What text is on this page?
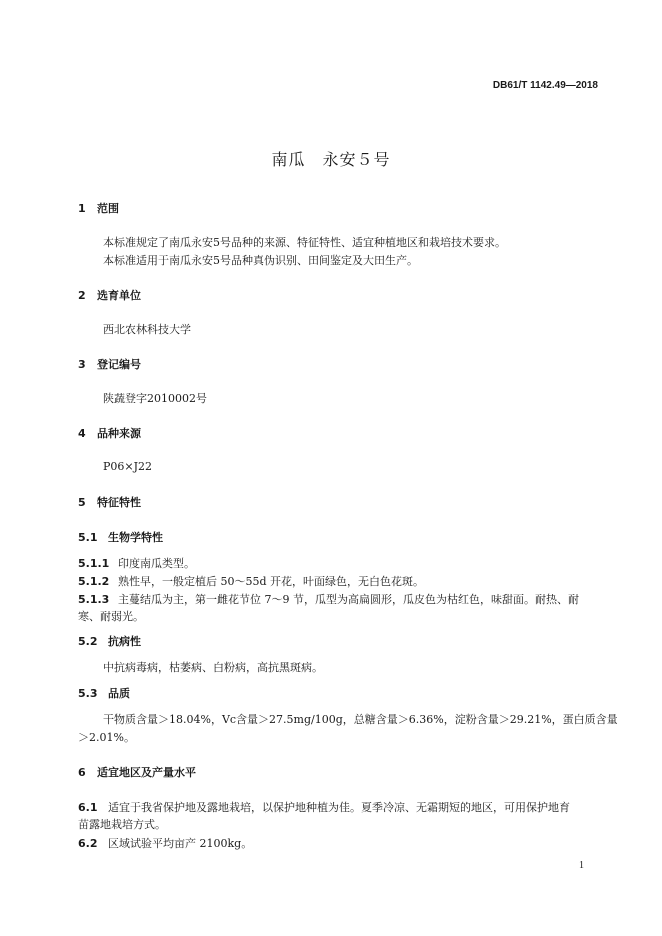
DB61/T 1142.49—2018
南瓜　永安５号
1 范围
本标准规定了南瓜永安5号品种的来源、特征特性、适宜种植地区和栽培技术要求。
本标准适用于南瓜永安5号品种真伪识别、田间鉴定及大田生产。
2 选育单位
西北农林科技大学
3 登记编号
陕蔬登字2010002号
4 品种来源
P06×J22
5 特征特性
5.1 生物学特性
5.1.1 印度南瓜类型。
5.1.2 熟性早，一般定植后 50～55d 开花，叶面绿色，无白色花斑。
5.1.3 主蔓结瓜为主，第一雌花节位 7～9 节，瓜型为高扁圆形，瓜皮色为枯红色，味甜面。耐热、耐
寒、耐弱光。
5.2 抗病性
中抗病毒病，枯萎病、白粉病，高抗黑斑病。
5.3 品质
干物质含量＞18.04%，Vc含量＞27.5mg/100g，总糖含量＞6.36%，淀粉含量＞29.21%，蛋白质含量
＞2.01%。
6 适宜地区及产量水平
6.1 适宜于我省保护地及露地栽培，以保护地种植为佳。夏季冷凉、无霜期短的地区，可用保护地育
苗露地栽培方式。
6.2 区域试验平均亩产 2100kg。
1
